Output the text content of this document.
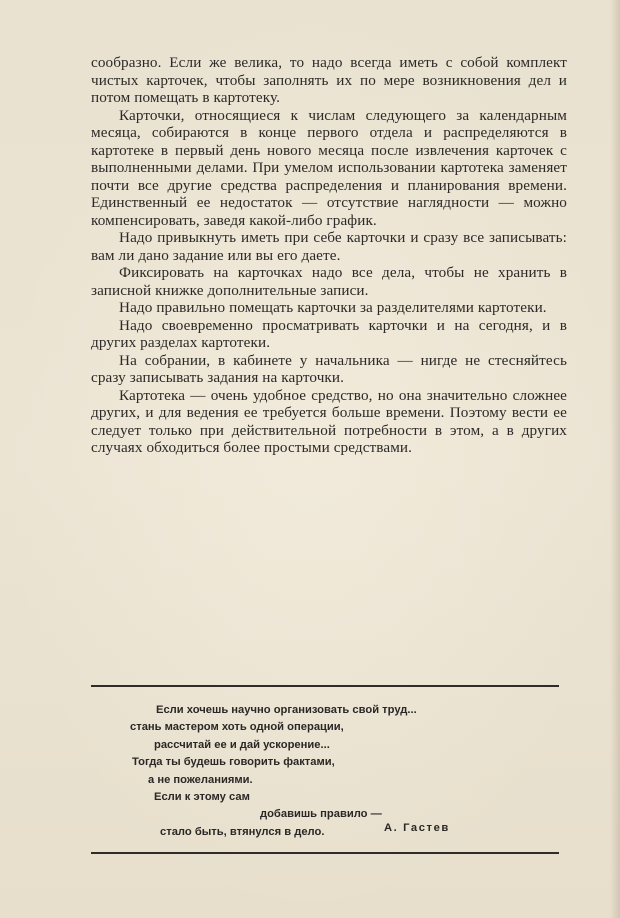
сообразно. Если же велика, то надо всегда иметь с собой комплект чистых карточек, чтобы заполнять их по мере возникновения дел и потом помещать в картотеку.

Карточки, относящиеся к числам следующего за календарным месяца, собираются в конце первого отдела и распределяются в картотеке в первый день нового месяца после извлечения карточек с выполненными делами. При умелом использовании картотека заменяет почти все другие средства распределения и планирования времени. Единственный ее недостаток — отсутствие наглядности — можно компенсировать, заведя какой-либо график.

Надо привыкнуть иметь при себе карточки и сразу все записывать: вам ли дано задание или вы его даете.

Фиксировать на карточках надо все дела, чтобы не хранить в записной книжке дополнительные записи.

Надо правильно помещать карточки за разделителями картотеки.

Надо своевременно просматривать карточки и на сегодня, и в других разделах картотеки.

На собрании, в кабинете у начальника — нигде не стесняйтесь сразу записывать задания на карточки.

Картотека — очень удобное средство, но она значительно сложнее других, и для ведения ее требуется больше времени. Поэтому вести ее следует только при действительной потребности в этом, а в других случаях обходиться более простыми средствами.

Если хочешь научно организовать свой труд...
стань мастером хоть одной операции,
рассчитай ее и дай ускорение...
Тогда ты будешь говорить фактами,
а не пожеланиями.
Если к этому сам
добавишь правило —
стало быть, втянулся в дело.	А. Гастев
